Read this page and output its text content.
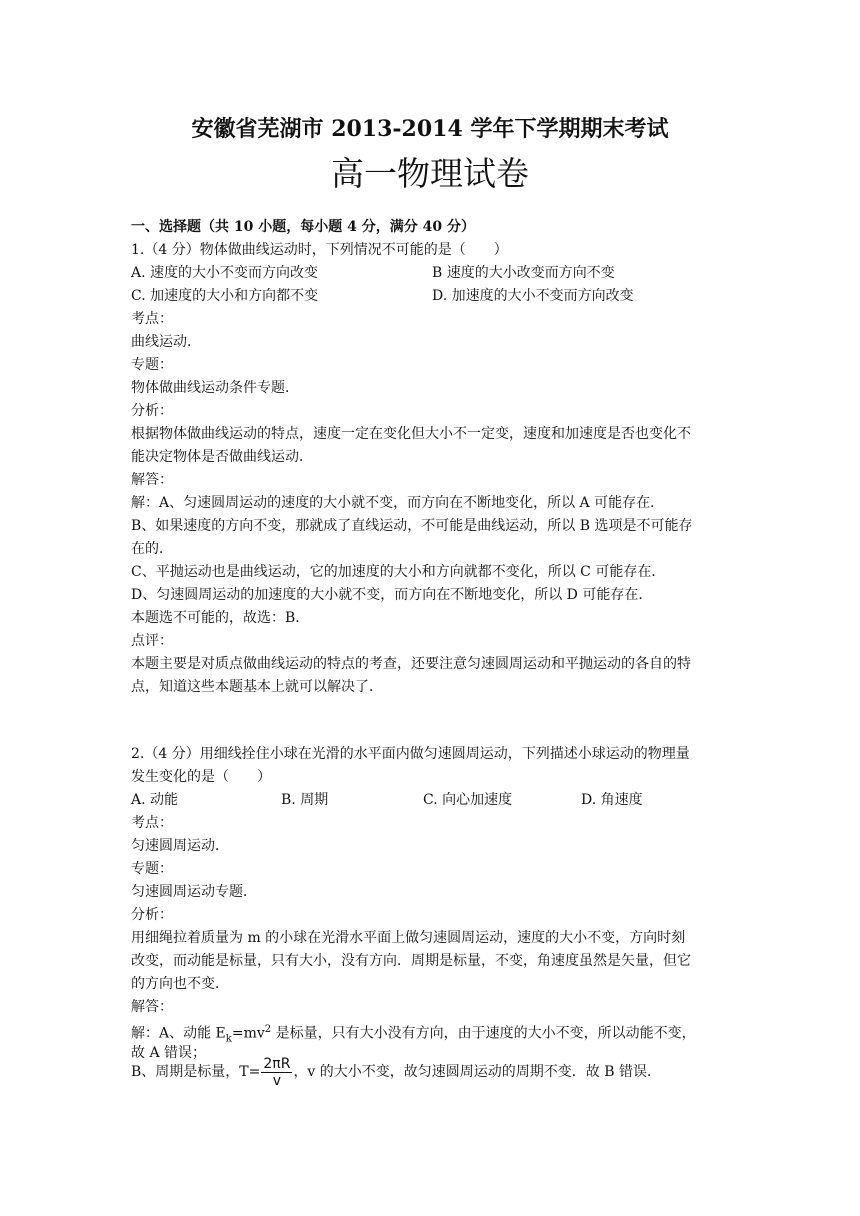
安徽省芜湖市 2013-2014 学年下学期期末考试
高一物理试卷
一、选择题（共 10 小题，每小题 4 分，满分 40 分）
1.（4 分）物体做曲线运动时，下列情况不可能的是（　　）
A. 速度的大小不变而方向改变	B 速度的大小改变而方向不变
C. 加速度的大小和方向都不变	D. 加速度的大小不变而方向改变
考点：
曲线运动．
专题：
物体做曲线运动条件专题．
分析：
根据物体做曲线运动的特点，速度一定在变化但大小不一定变，速度和加速度是否也变化不
能决定物体是否做曲线运动．
解答：
解：A、匀速圆周运动的速度的大小就不变，而方向在不断地变化，所以 A 可能存在．
B、如果速度的方向不变，那就成了直线运动，不可能是曲线运动，所以 B 选项是不可能存
在的．
C、平抛运动也是曲线运动，它的加速度的大小和方向就都不变化，所以 C 可能存在．
D、匀速圆周运动的加速度的大小就不变，而方向在不断地变化，所以 D 可能存在．
本题选不可能的，故选：B．
点评：
本题主要是对质点做曲线运动的特点的考查，还要注意匀速圆周运动和平抛运动的各自的特
点，知道这些本题基本上就可以解决了．
2.（4 分）用细线拴住小球在光滑的水平面内做匀速圆周运动，下列描述小球运动的物理量
发生变化的是（　　）
A. 动能	B. 周期	C. 向心加速度	D. 角速度
考点：
匀速圆周运动．
专题：
匀速圆周运动专题．
分析：
用细绳拉着质量为 m 的小球在光滑水平面上做匀速圆周运动，速度的大小不变，方向时刻
改变，而动能是标量，只有大小，没有方向．周期是标量，不变，角速度虽然是矢量，但它
的方向也不变．
解答：
解：A、动能 $E_k=mv^2$ 是标量，只有大小没有方向，由于速度的大小不变，所以动能不变，
故 A 错误；
B、周期是标量，$T= \frac{2\pi R}{v}$ ，v 的大小不变，故匀速圆周运动的周期不变．故 B 错误．
